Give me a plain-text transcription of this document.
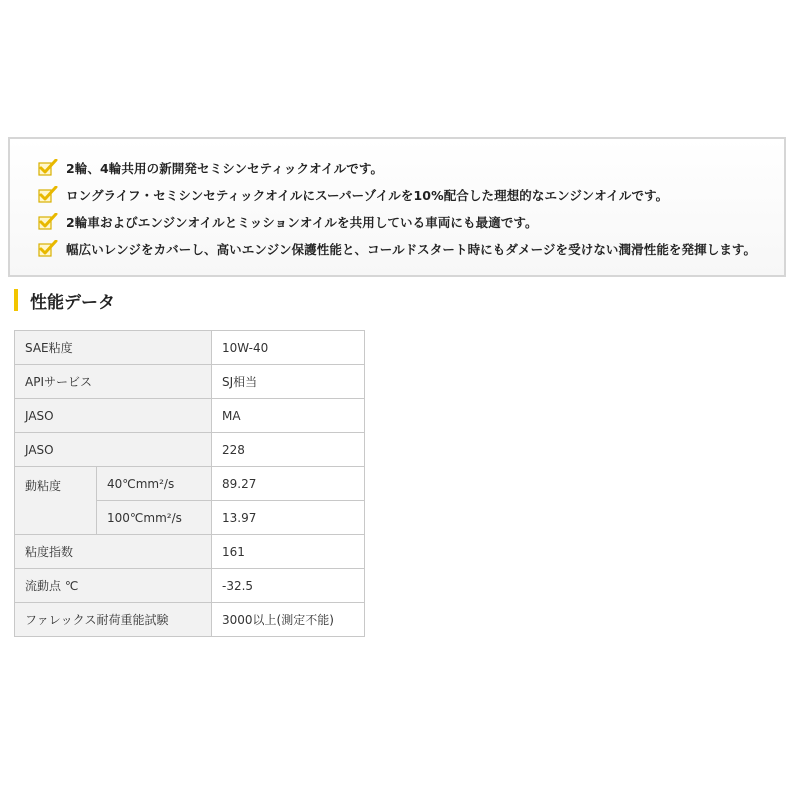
2輪、4輪共用の新開発セミシンセティックオイルです。
ロングライフ・セミシンセティックオイルにスーパーゾイルを10%配合した理想的なエンジンオイルです。
2輪車およびエンジンオイルとミッションオイルを共用している車両にも最適です。
幅広いレンジをカバーし、高いエンジン保護性能と、コールドスタート時にもダメージを受けない潤滑性能を発揮します。
性能データ
SAE粘度		10W-40
APIサービス		SJ相当
JASO		MA
JASO		228
動粘度	40℃mm²/s	89.27
	100℃mm²/s	13.97
粘度指数		161
流動点 ℃		-32.5
ファレックス耐荷重能試験		3000以上(測定不能)
